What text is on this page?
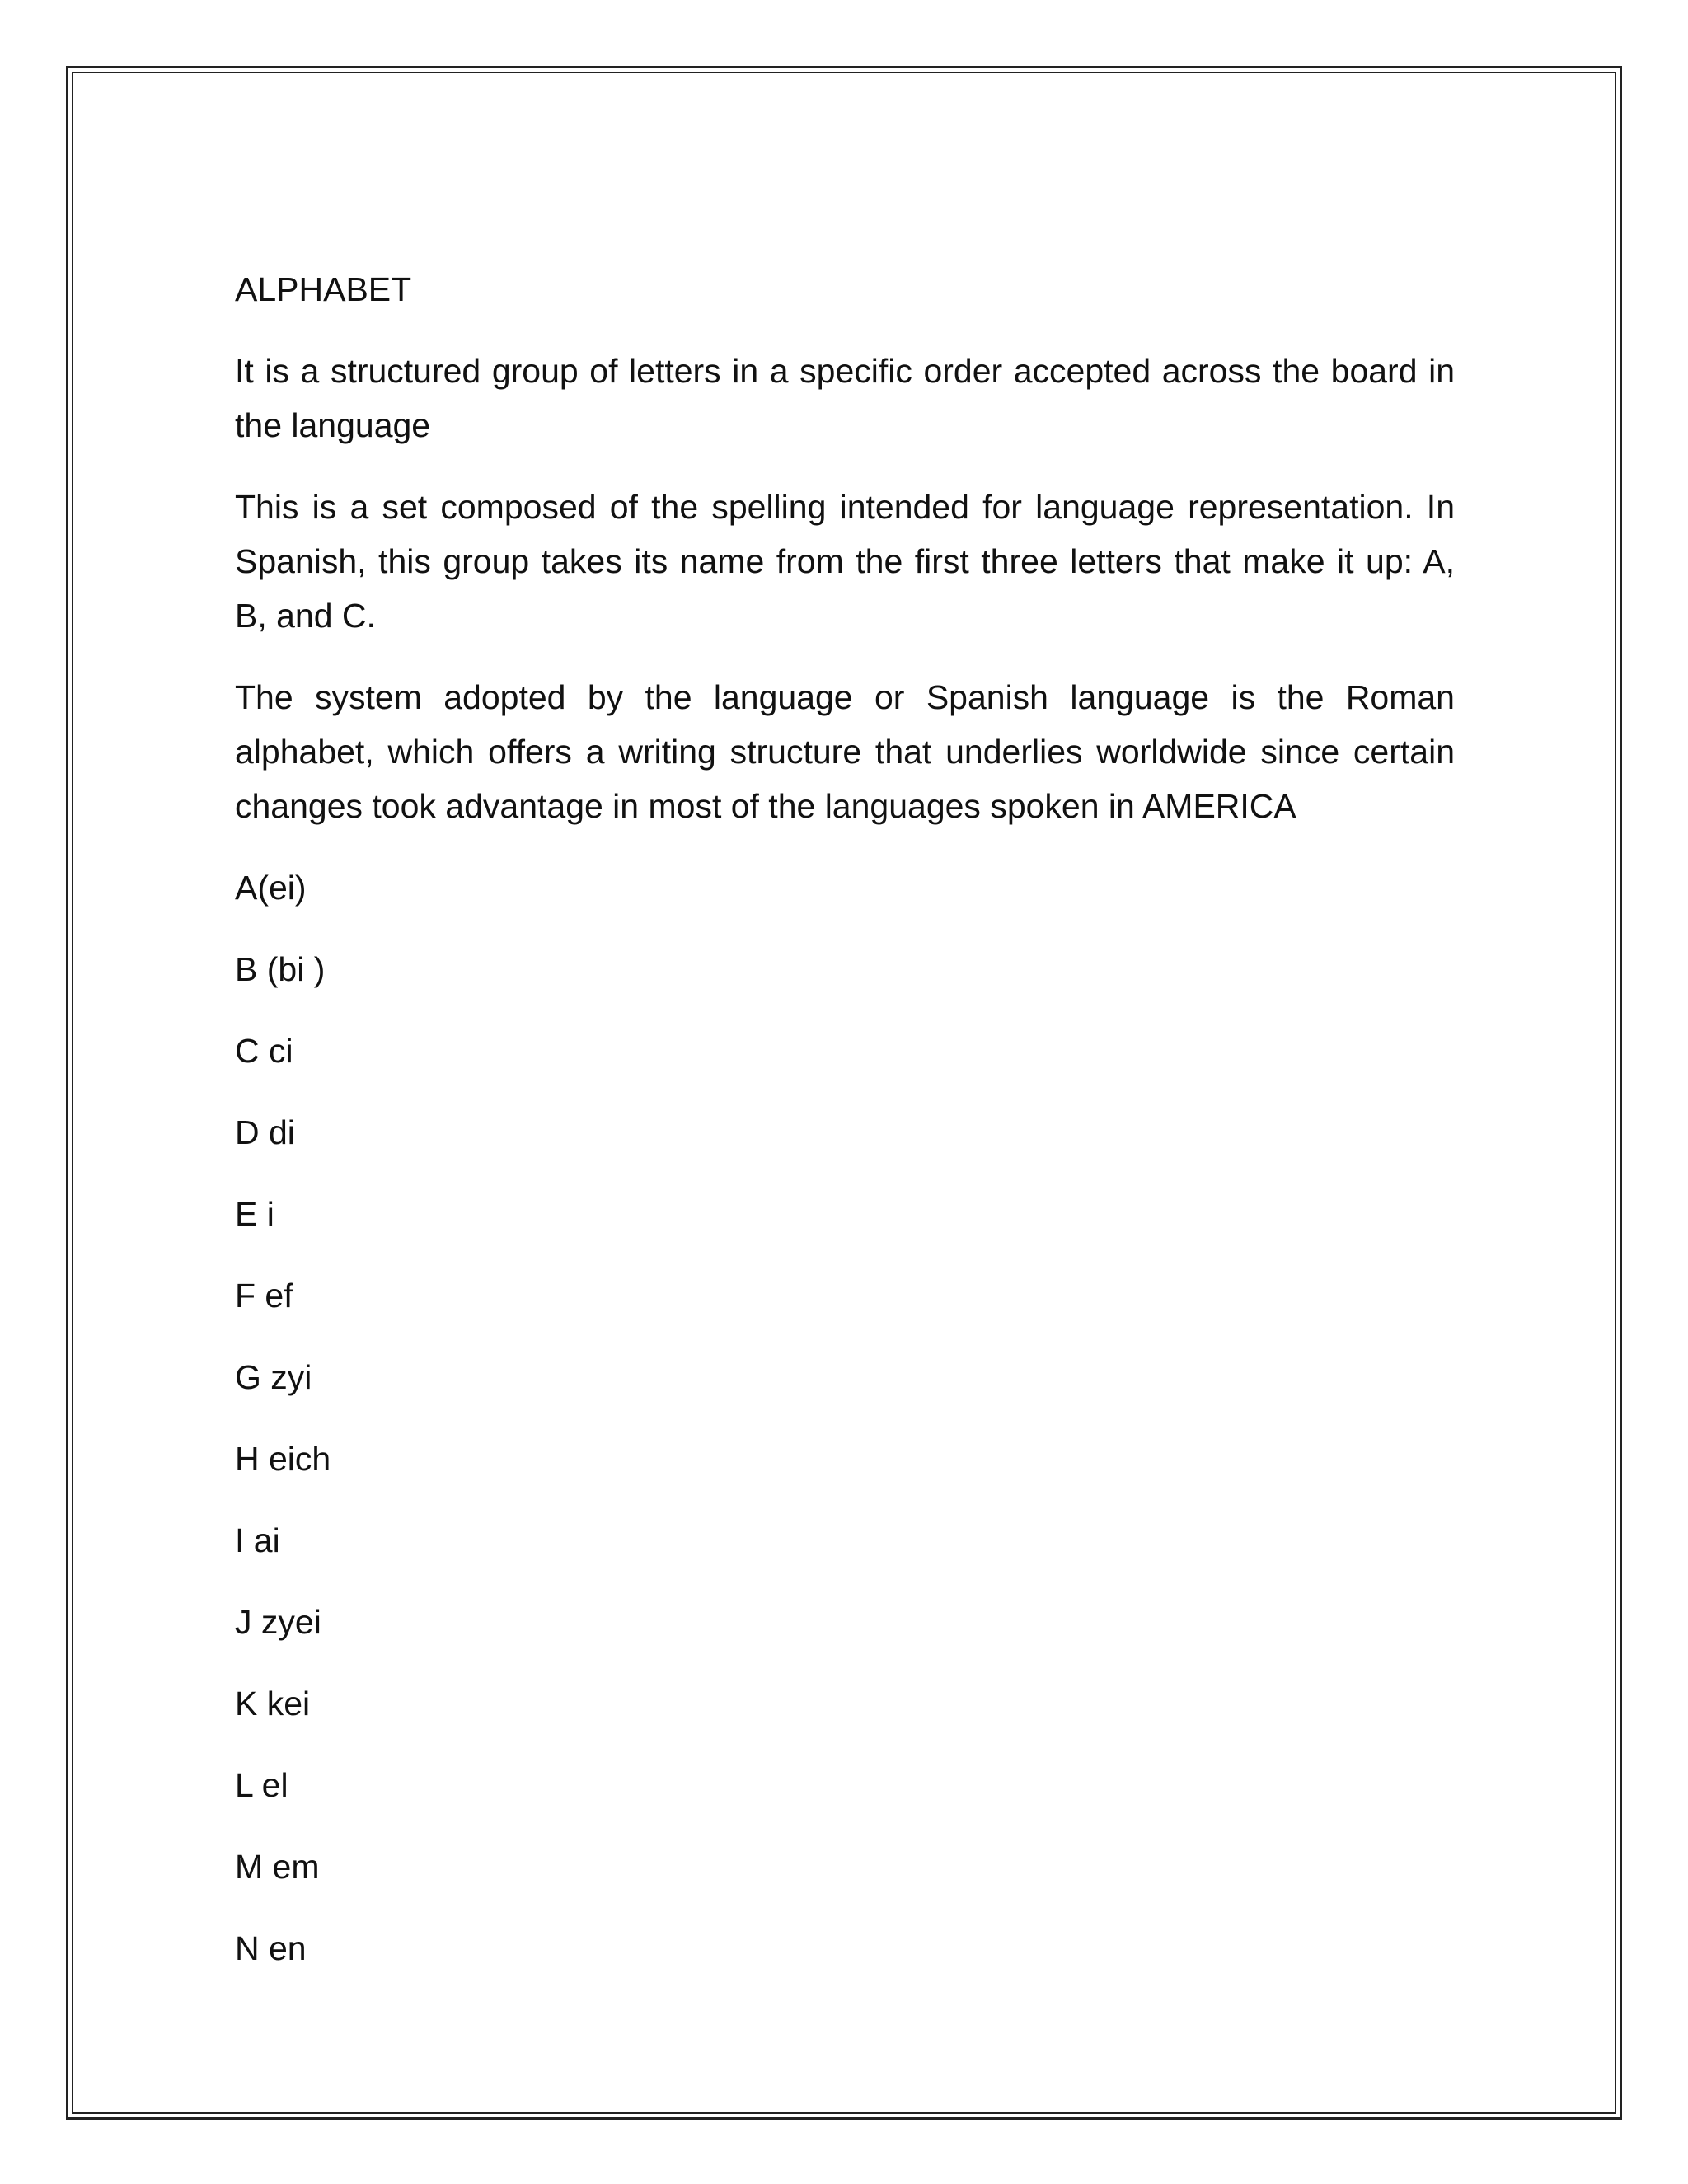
ALPHABET

It is a structured group of letters in a specific order accepted across the board in the language

This is a set composed of the spelling intended for language representation. In Spanish, this group takes its name from the first three letters that make it up: A, B, and C.

The system adopted by the language or Spanish language is the Roman alphabet, which offers a writing structure that underlies worldwide since certain changes took advantage in most of the languages spoken in AMERICA

A(ei)
B (bi )
C ci
D di
E i
F ef
G zyi
H eich
I ai
J zyei
K kei
L el
M em
N en
